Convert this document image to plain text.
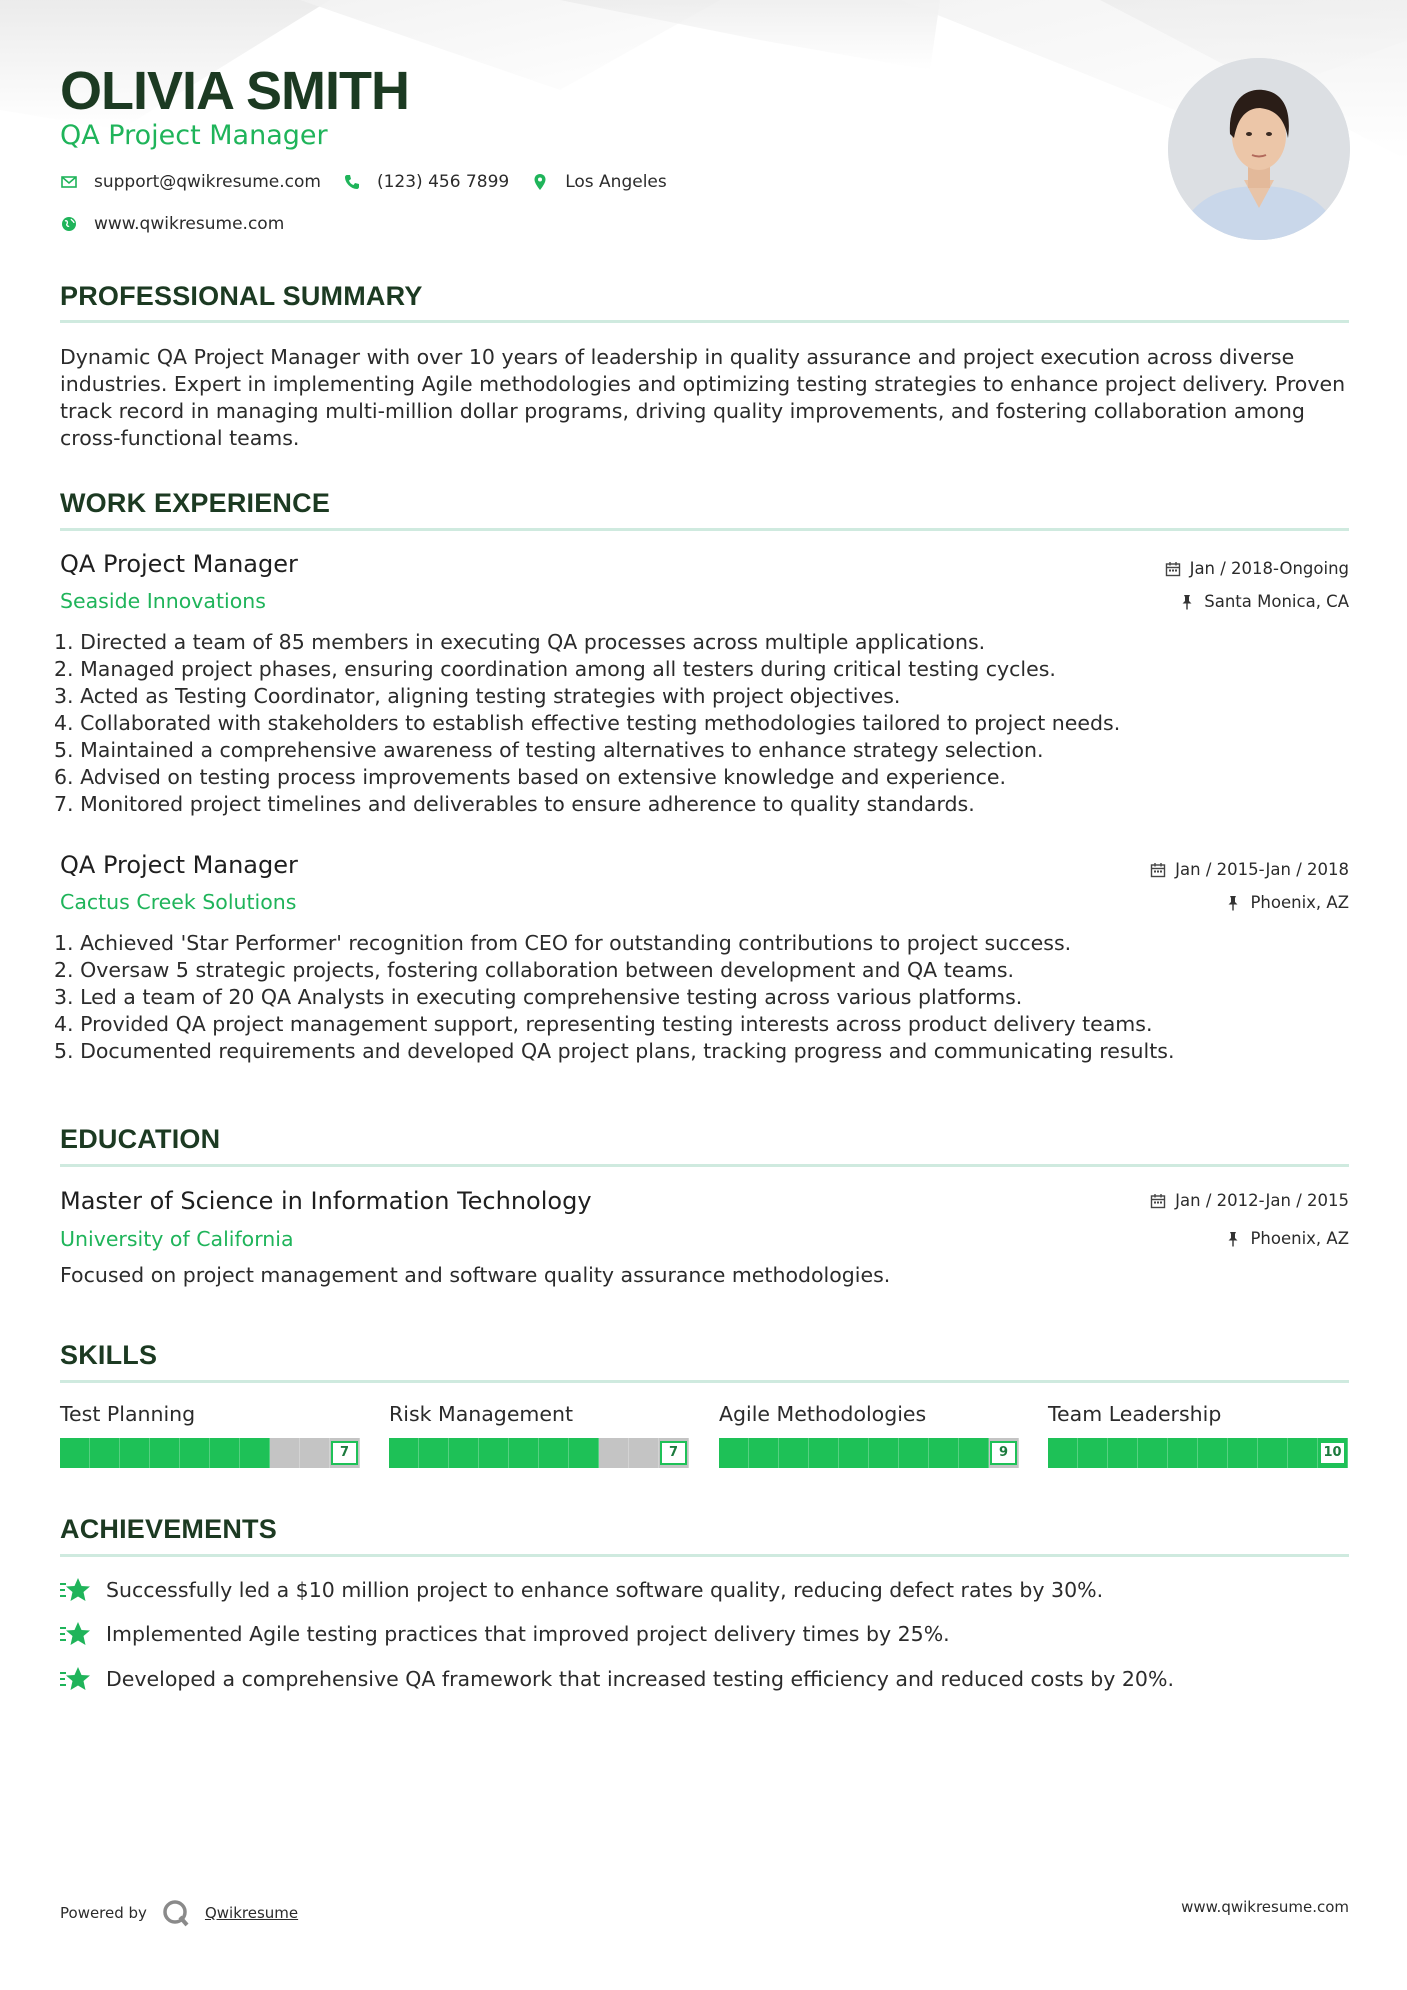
OLIVIA SMITH
QA Project Manager
support@qwikresume.com	(123) 456 7899	Los Angeles
www.qwikresume.com
PROFESSIONAL SUMMARY
Dynamic QA Project Manager with over 10 years of leadership in quality assurance and project execution across diverse industries. Expert in implementing Agile methodologies and optimizing testing strategies to enhance project delivery. Proven track record in managing multi-million dollar programs, driving quality improvements, and fostering collaboration among cross-functional teams.
WORK EXPERIENCE
QA Project Manager
Seaside Innovations
Jan / 2018-Ongoing
Santa Monica, CA
1. Directed a team of 85 members in executing QA processes across multiple applications.
2. Managed project phases, ensuring coordination among all testers during critical testing cycles.
3. Acted as Testing Coordinator, aligning testing strategies with project objectives.
4. Collaborated with stakeholders to establish effective testing methodologies tailored to project needs.
5. Maintained a comprehensive awareness of testing alternatives to enhance strategy selection.
6. Advised on testing process improvements based on extensive knowledge and experience.
7. Monitored project timelines and deliverables to ensure adherence to quality standards.
QA Project Manager
Cactus Creek Solutions
Jan / 2015-Jan / 2018
Phoenix, AZ
1. Achieved 'Star Performer' recognition from CEO for outstanding contributions to project success.
2. Oversaw 5 strategic projects, fostering collaboration between development and QA teams.
3. Led a team of 20 QA Analysts in executing comprehensive testing across various platforms.
4. Provided QA project management support, representing testing interests across product delivery teams.
5. Documented requirements and developed QA project plans, tracking progress and communicating results.
EDUCATION
Master of Science in Information Technology
University of California
Jan / 2012-Jan / 2015
Phoenix, AZ
Focused on project management and software quality assurance methodologies.
SKILLS
Test Planning
7
Risk Management
7
Agile Methodologies
9
Team Leadership
10
ACHIEVEMENTS
Successfully led a $10 million project to enhance software quality, reducing defect rates by 30%.
Implemented Agile testing practices that improved project delivery times by 25%.
Developed a comprehensive QA framework that increased testing efficiency and reduced costs by 20%.
Powered by	Qwikresume	www.qwikresume.com
